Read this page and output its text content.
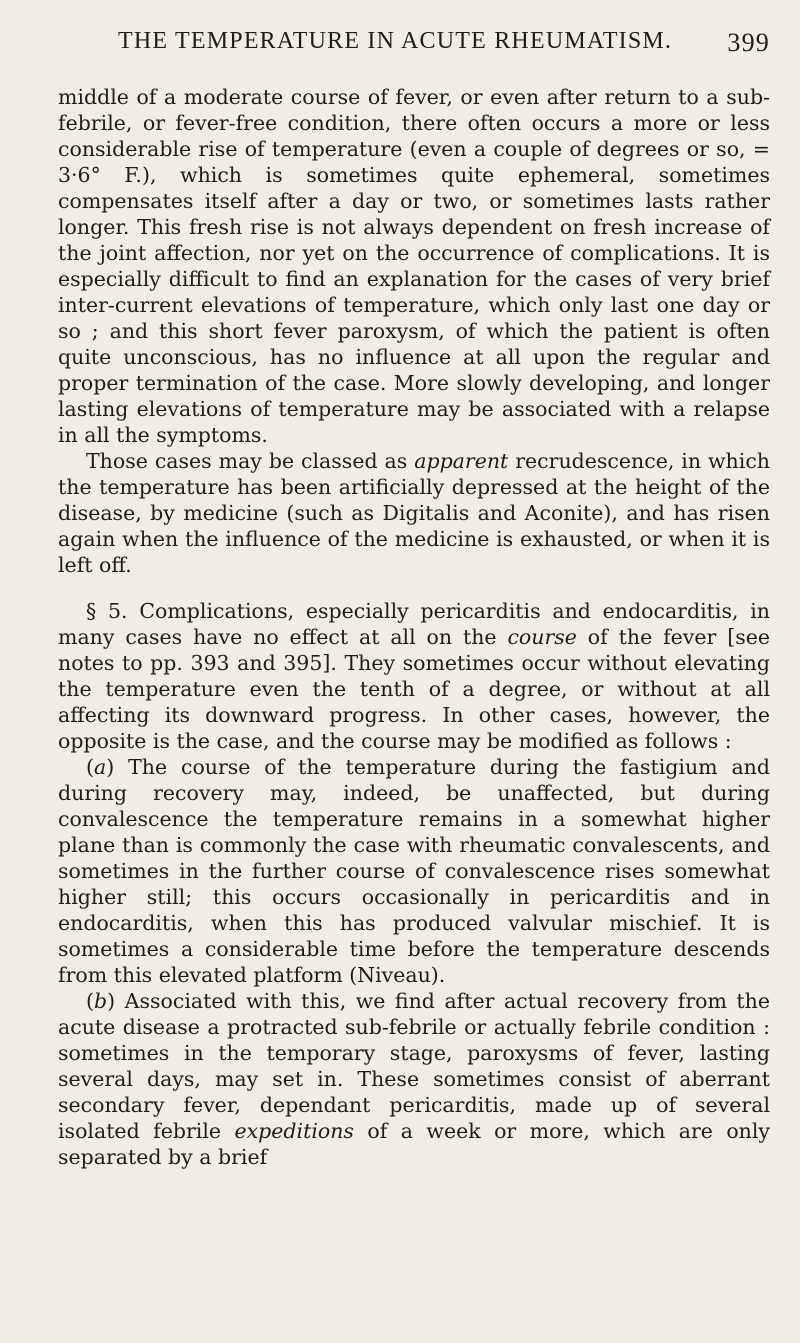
THE TEMPERATURE IN ACUTE RHEUMATISM. 399

middle of a moderate course of fever, or even after return to a sub-febrile, or fever-free condition, there often occurs a more or less considerable rise of temperature (even a couple of degrees or so, = 3·6° F.), which is sometimes quite ephemeral, sometimes compensates itself after a day or two, or sometimes lasts rather longer. This fresh rise is not always dependent on fresh increase of the joint affection, nor yet on the occurrence of complications. It is especially difficult to find an explanation for the cases of very brief inter-current elevations of temperature, which only last one day or so ; and this short fever paroxysm, of which the patient is often quite unconscious, has no influence at all upon the regular and proper termination of the case. More slowly developing, and longer lasting elevations of temperature may be associated with a relapse in all the symptoms.

Those cases may be classed as apparent recrudescence, in which the temperature has been artificially depressed at the height of the disease, by medicine (such as Digitalis and Aconite), and has risen again when the influence of the medicine is exhausted, or when it is left off.

§ 5. Complications, especially pericarditis and endocarditis, in many cases have no effect at all on the course of the fever [see notes to pp. 393 and 395]. They sometimes occur without elevating the temperature even the tenth of a degree, or without at all affecting its downward progress. In other cases, however, the opposite is the case, and the course may be modified as follows :

(a) The course of the temperature during the fastigium and during recovery may, indeed, be unaffected, but during convalescence the temperature remains in a somewhat higher plane than is commonly the case with rheumatic convalescents, and sometimes in the further course of convalescence rises somewhat higher still; this occurs occasionally in pericarditis and in endocarditis, when this has produced valvular mischief. It is sometimes a considerable time before the temperature descends from this elevated platform (Niveau).

(b) Associated with this, we find after actual recovery from the acute disease a protracted sub-febrile or actually febrile condition : sometimes in the temporary stage, paroxysms of fever, lasting several days, may set in. These sometimes consist of aberrant secondary fever, dependant pericarditis, made up of several isolated febrile expeditions of a week or more, which are only separated by a brief
